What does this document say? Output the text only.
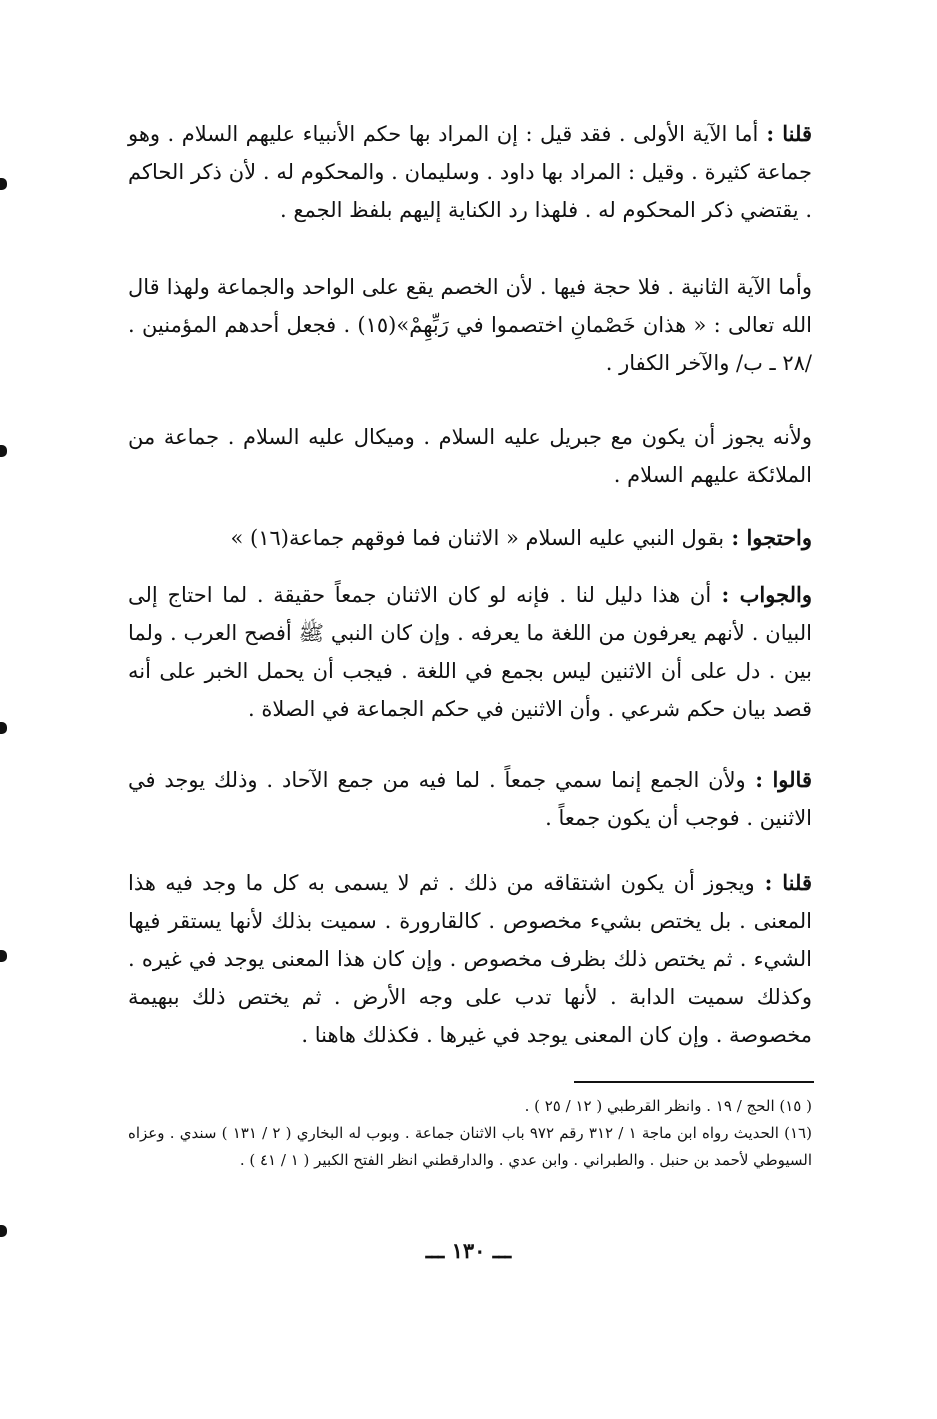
قلنا : أما الآية الأولى . فقد قيل : إن المراد بها حكم الأنبياء عليهم السلام . وهو جماعة كثيرة . وقيل : المراد بها داود . وسليمان . والمحكوم له . لأن ذكر الحاكم . يقتضي ذكر المحكوم له . فلهذا رد الكناية إليهم بلفظ الجمع .

وأما الآية الثانية . فلا حجة فيها . لأن الخصم يقع على الواحد والجماعة ولهذا قال الله تعالى : « هذان خَصْمانِ اختصموا في رَبِّهِمْ»(١٥) . فجعل أحدهم المؤمنين . /٢٨ ـ ب/ والآخر الكفار .

ولأنه يجوز أن يكون مع جبريل عليه السلام . وميكال عليه السلام . جماعة من الملائكة عليهم السلام .

واحتجوا : بقول النبي عليه السلام « الاثنان فما فوقهم جماعة(١٦) »

والجواب : أن هذا دليل لنا . فإنه لو كان الاثنان جمعاً حقيقة . لما احتاج إلى البيان . لأنهم يعرفون من اللغة ما يعرفه . وإن كان النبي ﷺ أفصح العرب . ولما بين . دل على أن الاثنين ليس بجمع في اللغة . فيجب أن يحمل الخبر على أنه قصد بيان حكم شرعي . وأن الاثنين في حكم الجماعة في الصلاة .

قالوا : ولأن الجمع إنما سمي جمعاً . لما فيه من جمع الآحاد . وذلك يوجد في الاثنين . فوجب أن يكون جمعاً .

قلنا : ويجوز أن يكون اشتقاقه من ذلك . ثم لا يسمى به كل ما وجد فيه هذا المعنى . بل يختص بشيء مخصوص . كالقارورة . سميت بذلك لأنها يستقر فيها الشيء . ثم يختص ذلك بظرف مخصوص . وإن كان هذا المعنى يوجد في غيره . وكذلك سميت الدابة . لأنها تدب على وجه الأرض . ثم يختص ذلك ببهيمة مخصوصة . وإن كان المعنى يوجد في غيرها . فكذلك هاهنا .

( ١٥) الحج / ١٩ . وانظر القرطبي ( ١٢ / ٢٥ ) .

(١٦) الحديث رواه ابن ماجة ١ / ٣١٢ رقم ٩٧٢ باب الاثنان جماعة . وبوب له البخاري ( ٢ / ١٣١ ) سندي . وعزاه السيوطي لأحمد بن حنبل . والطبراني . وابن عدي . والدارقطني انظر الفتح الكبير ( ١ / ٤١ ) .

ـــ ١٣٠ ـــ
